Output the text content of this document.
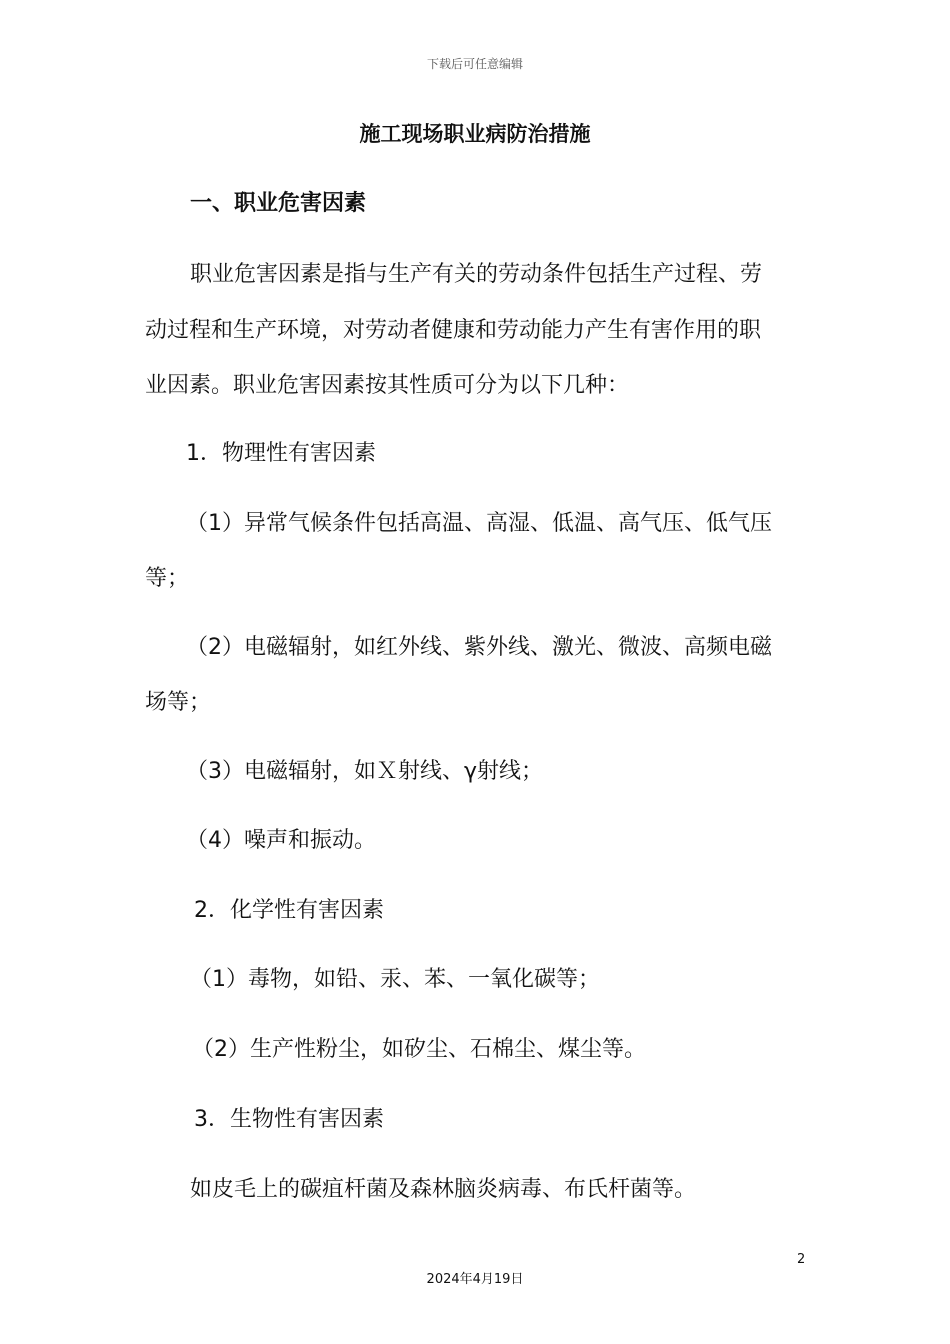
下载后可任意编辑
施工现场职业病防治措施
一、职业危害因素
职业危害因素是指与生产有关的劳动条件包括生产过程、劳
动过程和生产环境，对劳动者健康和劳动能力产生有害作用的职
业因素。职业危害因素按其性质可分为以下几种：
1．物理性有害因素
（1）异常气候条件包括高温、高湿、低温、高气压、低气压
等；
（2）电磁辐射，如红外线、紫外线、激光、微波、高频电磁
场等；
（3）电磁辐射，如Ｘ射线、γ射线；
（4）噪声和振动。
2．化学性有害因素
（1）毒物，如铅、汞、苯、一氧化碳等；
（2）生产性粉尘，如矽尘、石棉尘、煤尘等。
3．生物性有害因素
如皮毛上的碳疽杆菌及森林脑炎病毒、布氏杆菌等。
2
2024年4月19日
